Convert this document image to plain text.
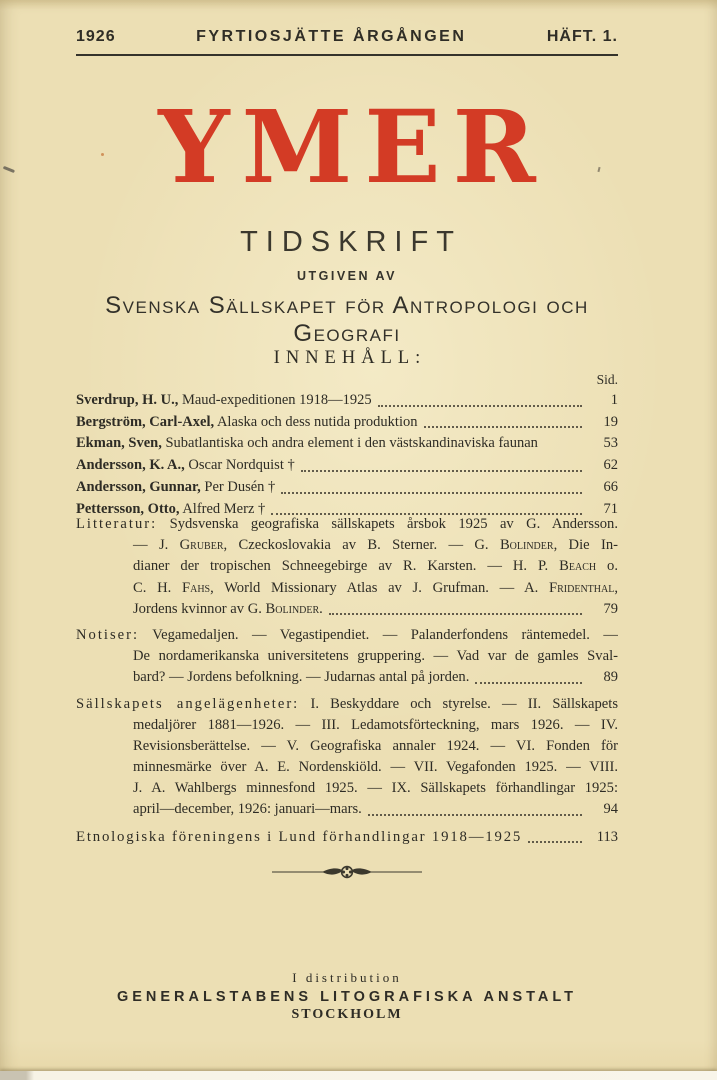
1926	FYRTIOSJÄTTE ÅRGÅNGEN	HÄFT. 1.
YMER
TIDSKRIFT
UTGIVEN AV
Svenska Sällskapet för Antropologi och Geografi
INNEHÅLL:
Sid.
Sverdrup, H. U., Maud-expeditionen 1918—1925	1
Bergström, Carl-Axel, Alaska och dess nutida produktion	19
Ekman, Sven, Subatlantiska och andra element i den västskandinaviska faunan	53
Andersson, K. A., Oscar Nordquist †	62
Andersson, Gunnar, Per Dusén †	66
Pettersson, Otto, Alfred Merz †	71
Litteratur: Sydsvenska geografiska sällskapets årsbok 1925 av G. Andersson.
— J. Gruber, Czeckoslovakia av B. Sterner. — G. Bolinder, Die In-
dianer der tropischen Schneegebirge av R. Karsten. — H. P. Beach o.
C. H. Fahs, World Missionary Atlas av J. Grufman. — A. Fridenthal,
Jordens kvinnor av G. Bolinder.	79
Notiser: Vegamedaljen. — Vegastipendiet. — Palanderfondens räntemedel. —
De nordamerikanska universitetens gruppering. — Vad var de gamles Sval-
bard? — Jordens befolkning. — Judarnas antal på jorden.	89
Sällskapets angelägenheter: I. Beskyddare och styrelse. — II. Sällskapets
medaljörer 1881—1926. — III. Ledamotsförteckning, mars 1926. — IV.
Revisionsberättelse. — V. Geografiska annaler 1924. — VI. Fonden för
minnesmärke över A. E. Nordenskiöld. — VII. Vegafonden 1925. — VIII.
J. A. Wahlbergs minnesfond 1925. — IX. Sällskapets förhandlingar 1925:
april—december, 1926: januari—mars.	94
Etnologiska föreningens i Lund förhandlingar 1918—1925	113
I distribution
GENERALSTABENS LITOGRAFISKA ANSTALT
STOCKHOLM
